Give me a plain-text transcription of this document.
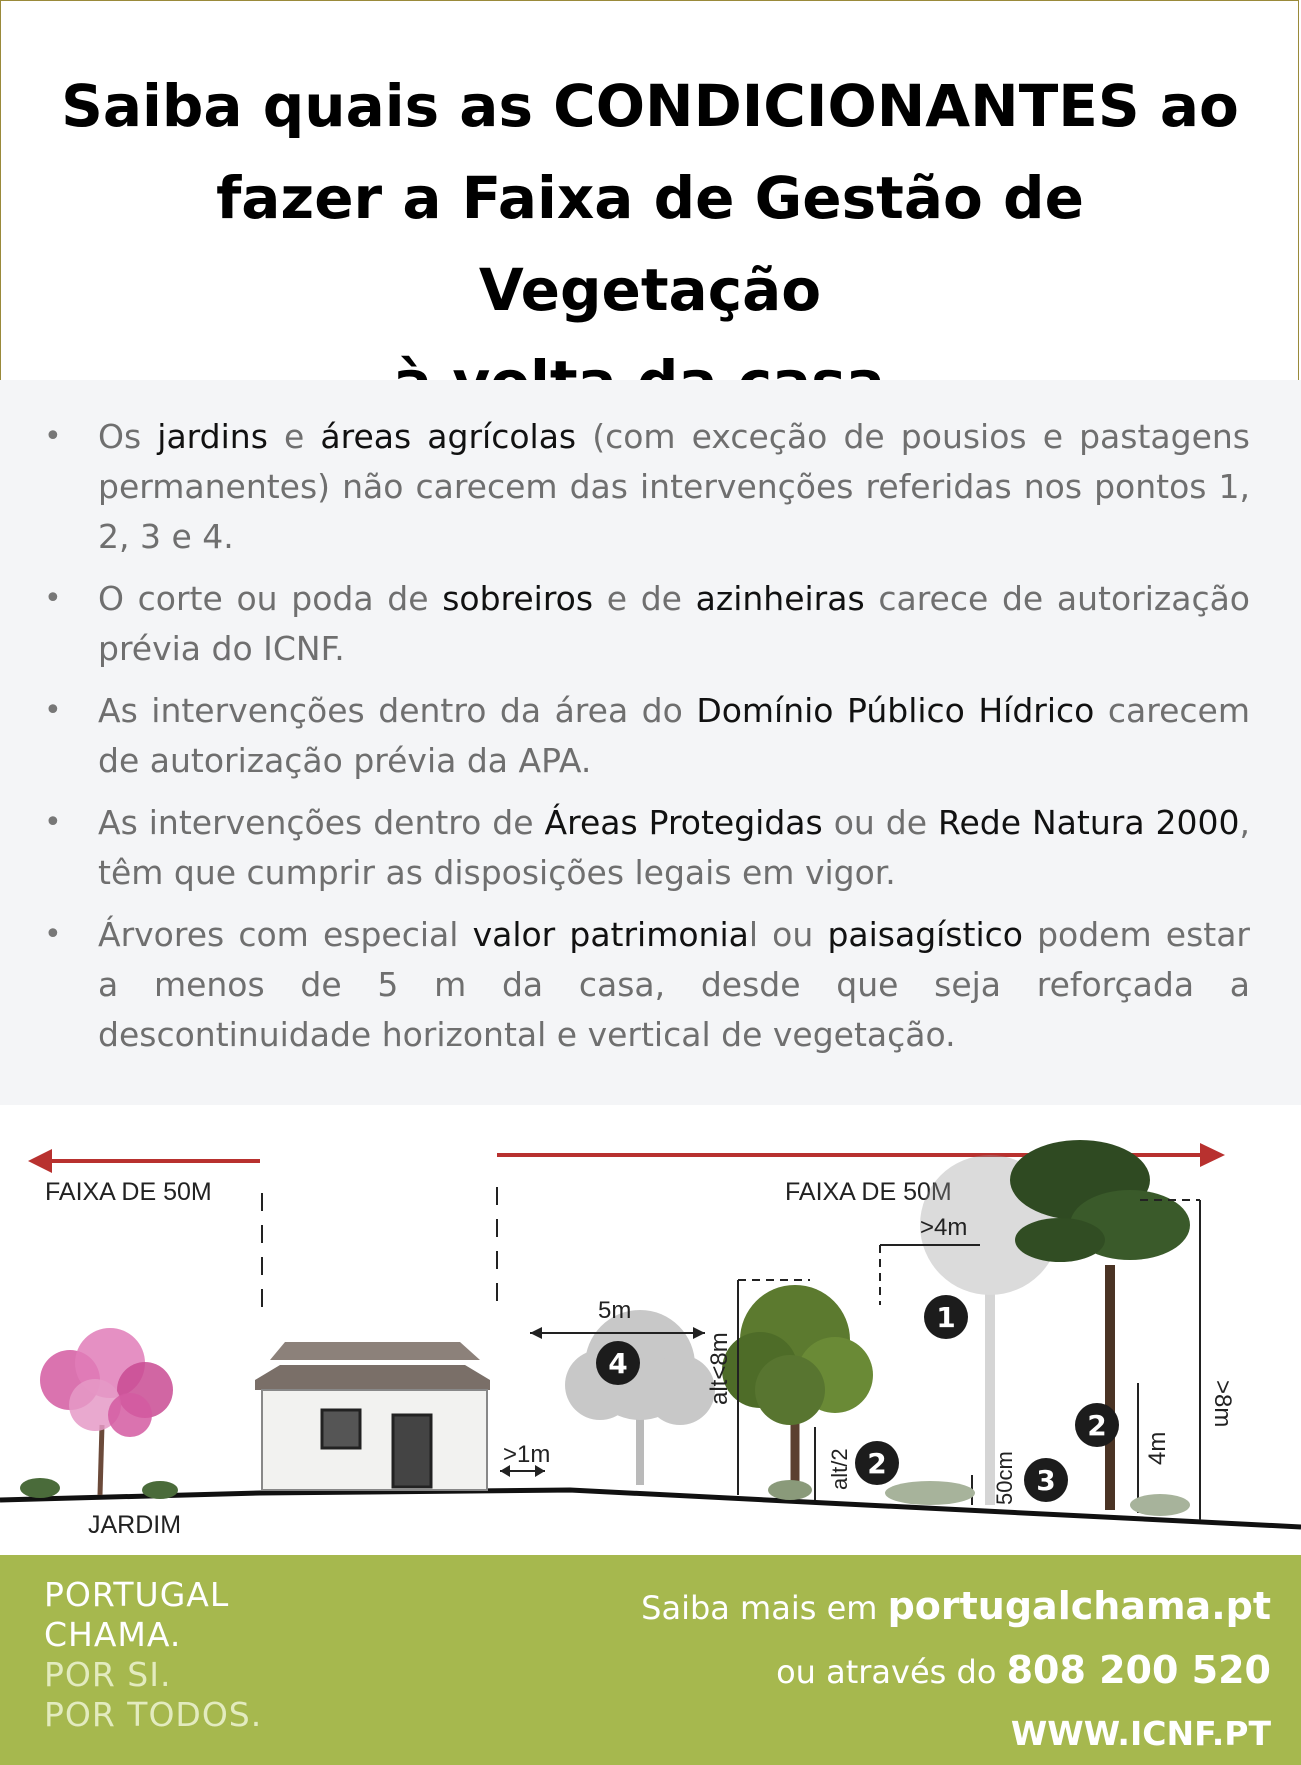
Saiba quais as CONDICIONANTES ao
fazer a Faixa de Gestão de Vegetação
• Os jardins e áreas agrícolas (com exceção de pousios e pastagens permanentes) não carecem das intervenções referidas nos pontos 1, 2, 3 e 4.
• O corte ou poda de sobreiros e de azinheiras carece de autorização prévia do ICNF.
• As intervenções dentro da área do Domínio Público Hídrico carecem de autorização prévia da APA.
• As intervenções dentro de Áreas Protegidas ou de Rede Natura 2000, têm que cumprir as disposições legais em vigor.
• Árvores com especial valor patrimonial ou paisagístico podem estar a menos de 5 m da casa, desde que seja reforçada a descontinuidade horizontal e vertical de vegetação.
FAIXA DE 50M	FAIXA DE 50M
JARDIM
>1m
5m
alt<8m
alt/2
>4m
>8m
4m
50cm
1
4
1
2
2
3
PORTUGAL
CHAMA.
POR SI.
POR TODOS.
Saiba mais em portugalchama.pt
ou através do 808 200 520
WWW.ICNF.PT
